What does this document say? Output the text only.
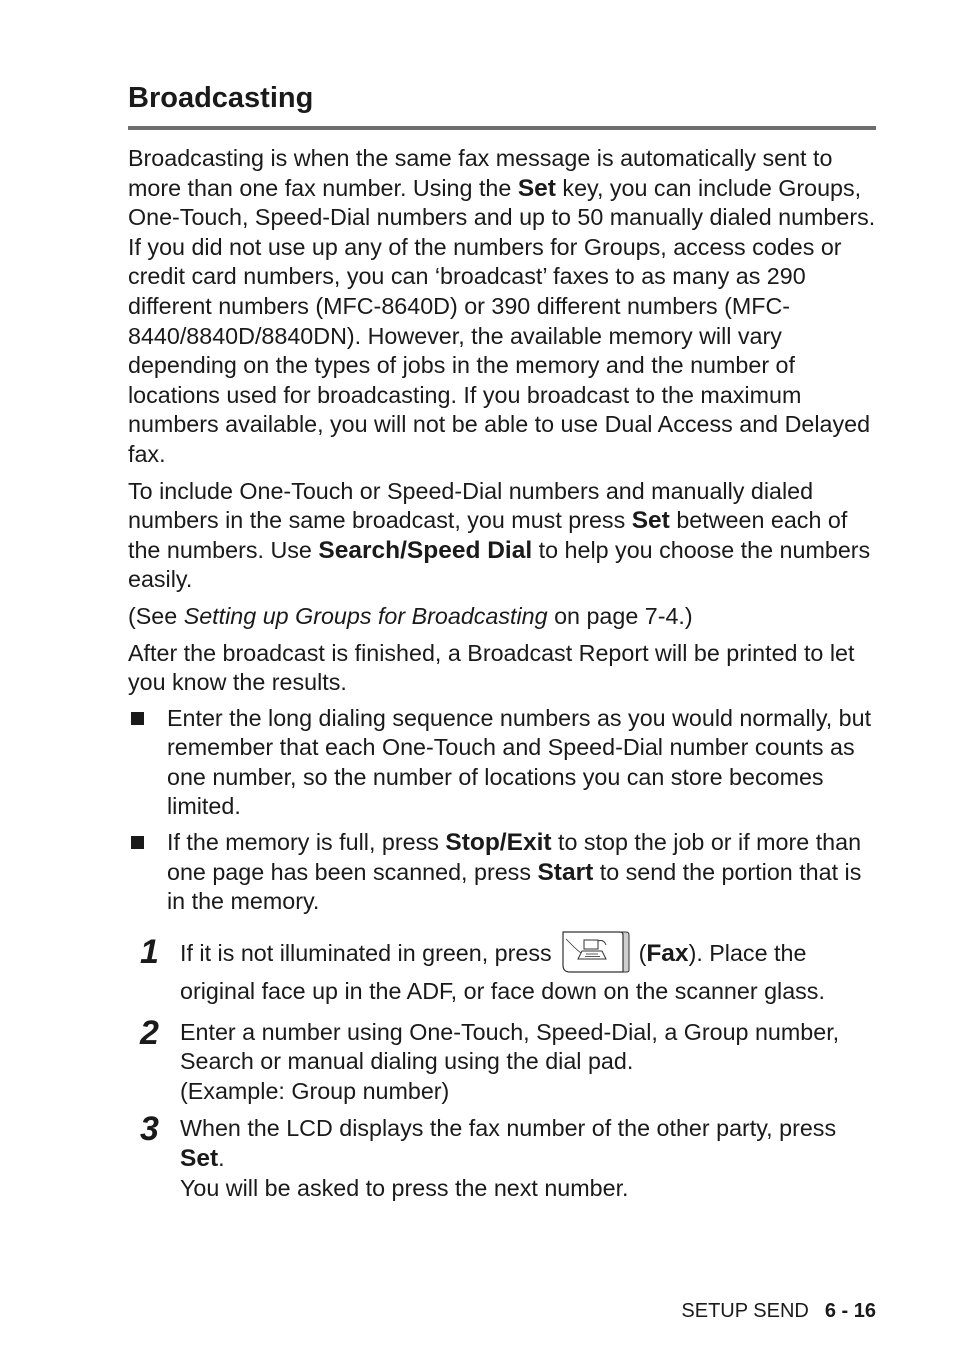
Broadcasting

Broadcasting is when the same fax message is automatically sent to more than one fax number. Using the Set key, you can include Groups, One-Touch, Speed-Dial numbers and up to 50 manually dialed numbers. If you did not use up any of the numbers for Groups, access codes or credit card numbers, you can ‘broadcast’ faxes to as many as 290 different numbers (MFC-8640D) or 390 different numbers (MFC-8440/8840D/8840DN). However, the available memory will vary depending on the types of jobs in the memory and the number of locations used for broadcasting. If you broadcast to the maximum numbers available, you will not be able to use Dual Access and Delayed fax.

To include One-Touch or Speed-Dial numbers and manually dialed numbers in the same broadcast, you must press Set between each of the numbers. Use Search/Speed Dial to help you choose the numbers easily.

(See Setting up Groups for Broadcasting on page 7-4.)

After the broadcast is finished, a Broadcast Report will be printed to let you know the results.

Enter the long dialing sequence numbers as you would normally, but remember that each One-Touch and Speed-Dial number counts as one number, so the number of locations you can store becomes limited.
If the memory is full, press Stop/Exit to stop the job or if more than one page has been scanned, press Start to send the portion that is in the memory.
1 If it is not illuminated in green, press	(Fax). Place the original face up in the ADF, or face down on the scanner glass.
2 Enter a number using One-Touch, Speed-Dial, a Group number, Search or manual dialing using the dial pad.
(Example: Group number)
3 When the LCD displays the fax number of the other party, press Set.
You will be asked to press the next number.
SETUP SEND 6 - 16
